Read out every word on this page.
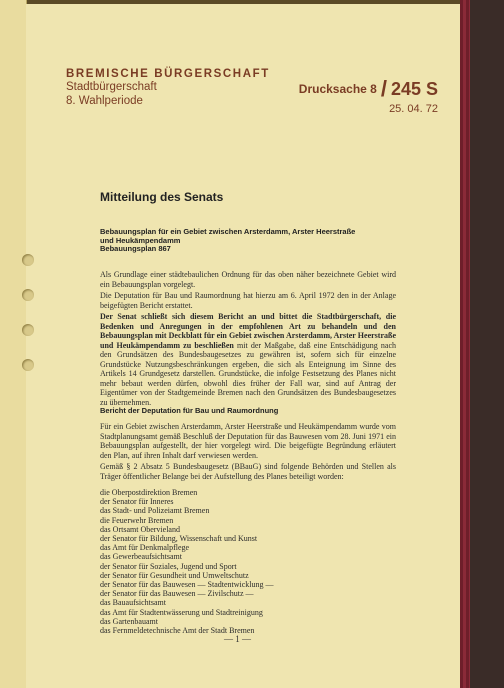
BREMISCHE BÜRGERSCHAFT
Stadtbürgerschaft
8. Wahlperiode
Drucksache 8 / 245 S
25. 04. 72
Mitteilung des Senats
Bebauungsplan für ein Gebiet zwischen Arsterdamm, Arster Heerstraße und Heukämpendamm
Bebauungsplan 867

Als Grundlage einer städtebaulichen Ordnung für das oben näher bezeichnete Gebiet wird ein Bebauungsplan vorgelegt.

Die Deputation für Bau und Raumordnung hat hierzu am 6. April 1972 den in der Anlage beigefügten Bericht erstattet.

Der Senat schließt sich diesem Bericht an und bittet die Stadtbürgerschaft, die Bedenken und Anregungen in der empfohlenen Art zu behandeln und den Bebauungsplan mit Deckblatt für ein Gebiet zwischen Arsterdamm, Arster Heerstraße und Heukämpendamm zu beschließen mit der Maßgabe, daß eine Entschädigung nach den Grundsätzen des Bundesbaugesetzes zu gewähren ist, sofern sich für einzelne Grundstücke Nutzungsbeschränkungen ergeben, die sich als Enteignung im Sinne des Artikels 14 Grundgesetz darstellen. Grundstücke, die infolge Festsetzung des Planes nicht mehr bebaut werden dürfen, obwohl dies früher der Fall war, sind auf Antrag der Eigentümer von der Stadtgemeinde Bremen nach den Grundsätzen des Bundesbaugesetzes zu übernehmen.

Bericht der Deputation für Bau und Raumordnung

Für ein Gebiet zwischen Arsterdamm, Arster Heerstraße und Heukämpendamm wurde vom Stadtplanungsamt gemäß Beschluß der Deputation für das Bauwesen vom 28. Juni 1971 ein Bebauungsplan aufgestellt, der hier vorgelegt wird. Die beigefügte Begründung erläutert den Plan, auf ihren Inhalt darf verwiesen werden.

Gemäß § 2 Absatz 5 Bundesbaugesetz (BBauG) sind folgende Behörden und Stellen als Träger öffentlicher Belange bei der Aufstellung des Planes beteiligt worden:

die Oberpostdirektion Bremen
der Senator für Inneres
das Stadt- und Polizeiamt Bremen
die Feuerwehr Bremen
das Ortsamt Obervieland
der Senator für Bildung, Wissenschaft und Kunst
das Amt für Denkmalpflege
das Gewerbeaufsichtsamt
der Senator für Soziales, Jugend und Sport
der Senator für Gesundheit und Umweltschutz
der Senator für das Bauwesen — Stadtentwicklung —
der Senator für das Bauwesen — Zivilschutz —
das Bauaufsichtsamt
das Amt für Stadtentwässerung und Stadtreinigung
das Gartenbauamt
das Fernmeldetechnische Amt der Stadt Bremen
— 1 —
